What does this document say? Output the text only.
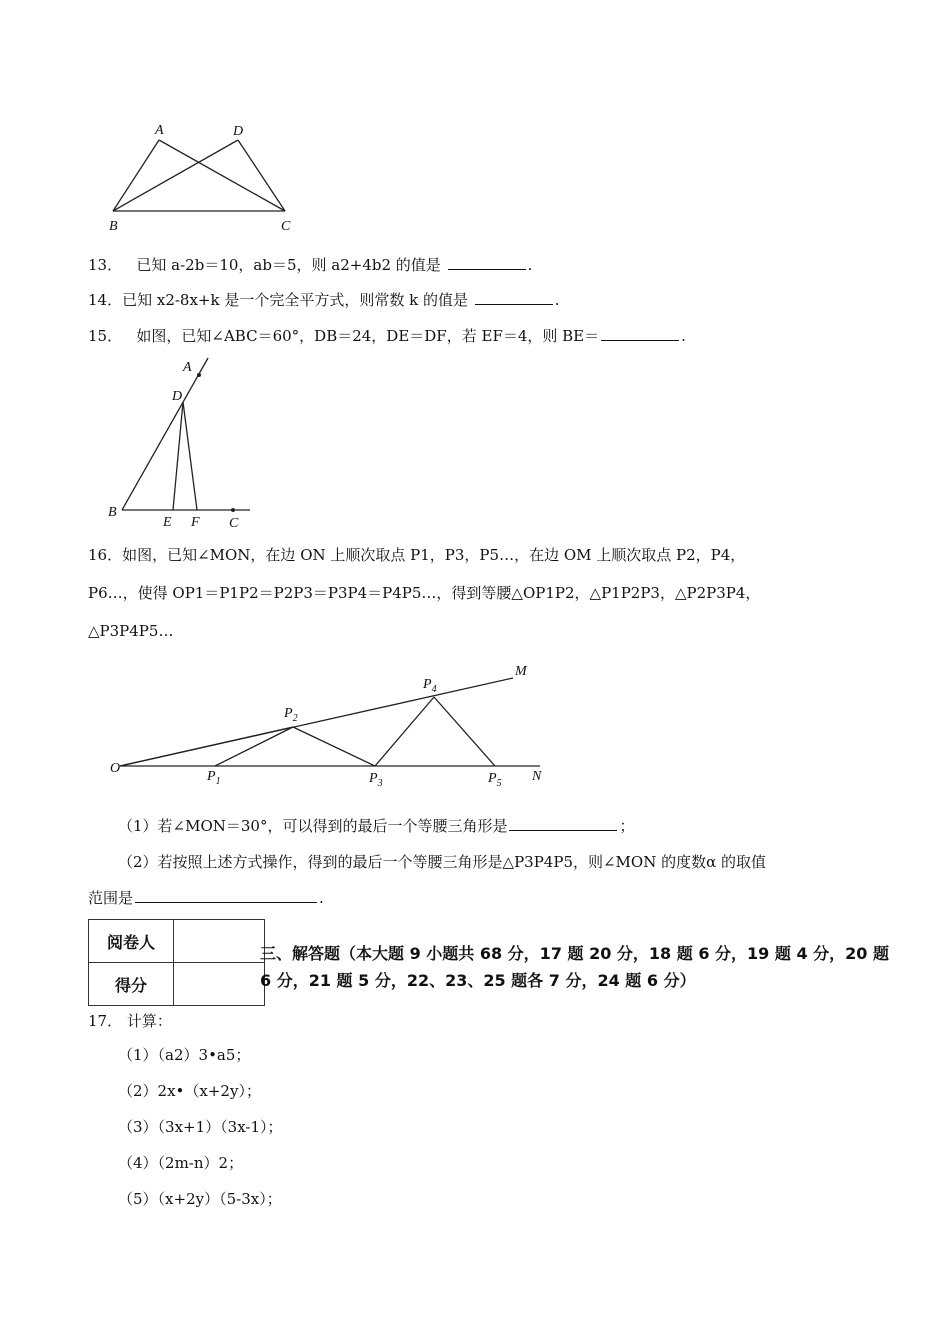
A	D
B	C
13． 已知 a-2b＝10，ab＝5，则 a2+4b2 的值是	.
14．已知 x2-8x+k 是一个完全平方式，则常数 k 的值是	.
15． 如图，已知∠ABC＝60°，DB＝24，DE＝DF，若 EF＝4，则 BE＝	.
A
D
B
E F C
16．如图，已知∠MON，在边 ON 上顺次取点 P1，P3，P5…，在边 OM 上顺次取点 P2，P4，
P6…，使得 OP1＝P1P2＝P2P3＝P3P4＝P4P5…，得到等腰△OP1P2，△P1P2P3，△P2P3P4，
△P3P4P5…
O
M
N
$P_1$
$P_2$
$P_3$
$P_4$
$P_5$
（1）若∠MON＝30°，可以得到的最后一个等腰三角形是	；
（2）若按照上述方式操作，得到的最后一个等腰三角形是△P3P4P5，则∠MON 的度数α 的取值
范围是	.
阅卷人	
得分	
三、解答题（本大题 9 小题共 68 分，17 题 20 分，18 题 6 分，19 题 4 分，20 题 6 分，21 题 5 分，22、23、25 题各 7 分，24 题 6 分）
17． 计算：
（1）（a2）3•a5；
（2）2x•（x+2y）；
（3）（3x+1）（3x-1）；
（4）（2m-n）2；
（5）（x+2y）（5-3x）；
